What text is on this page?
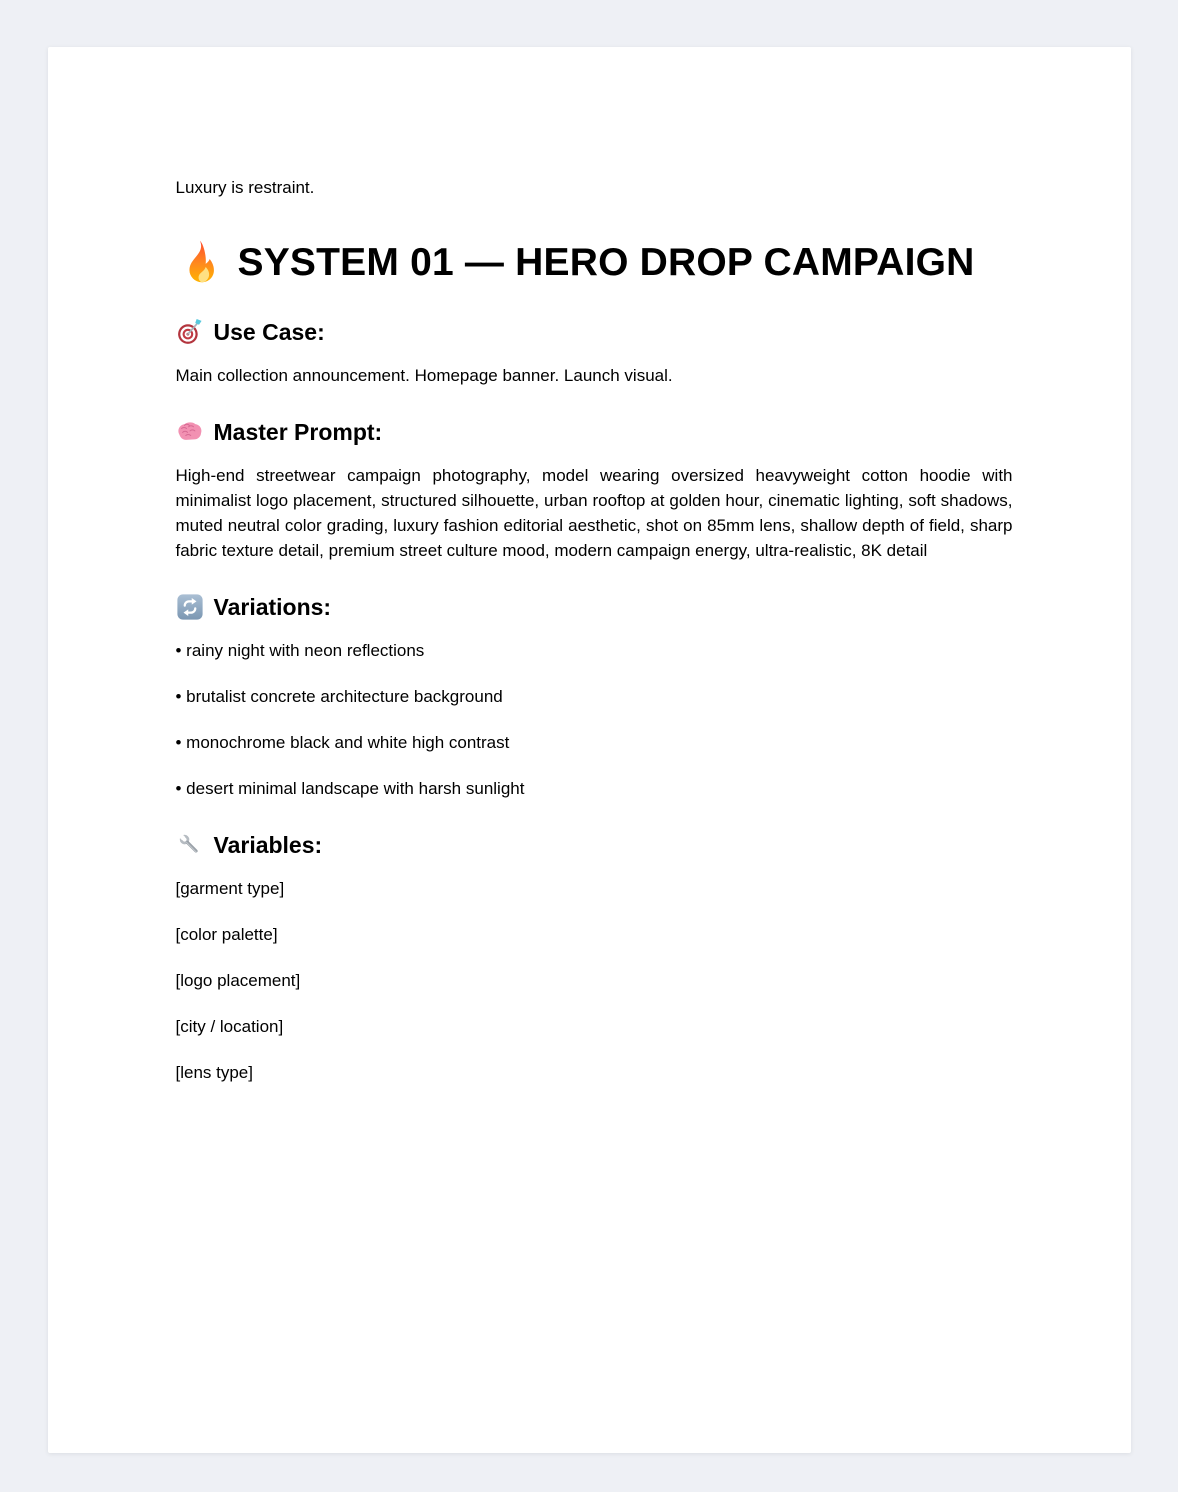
Luxury is restraint.

SYSTEM 01 — HERO DROP CAMPAIGN
Use Case:

Main collection announcement. Homepage banner. Launch visual.

Master Prompt:

High-end streetwear campaign photography, model wearing oversized heavyweight cotton hoodie with minimalist logo placement, structured silhouette, urban rooftop at golden hour, cinematic lighting, soft shadows, muted neutral color grading, luxury fashion editorial aesthetic, shot on 85mm lens, shallow depth of field, sharp fabric texture detail, premium street culture mood, modern campaign energy, ultra-realistic, 8K detail

Variations:

• rainy night with neon reflections

• brutalist concrete architecture background

• monochrome black and white high contrast

• desert minimal landscape with harsh sunlight

Variables:

[garment type]

[color palette]

[logo placement]

[city / location]

[lens type]
